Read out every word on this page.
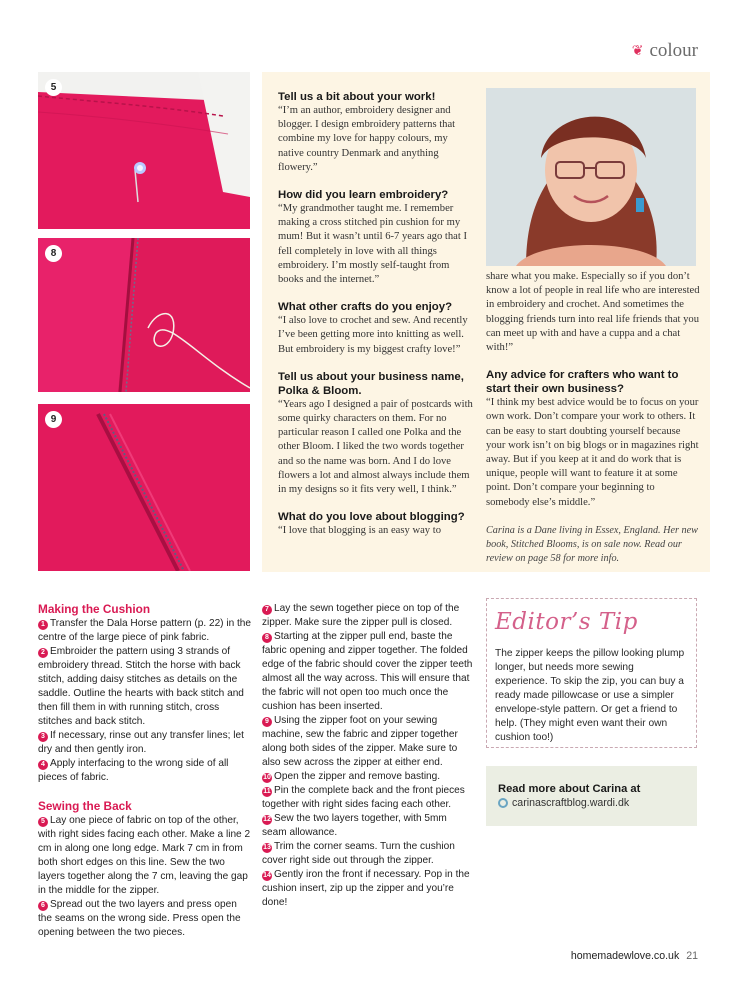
❦ colour
5
8
9
Tell us a bit about your work!
“I’m an author, embroidery designer and blogger. I design embroidery patterns that combine my love for happy colours, my native country Denmark and anything flowery.”
How did you learn embroidery?
“My grandmother taught me. I remember making a cross stitched pin cushion for my mum! But it wasn’t until 6-7 years ago that I fell completely in love with all things embroidery. I’m mostly self-taught from books and the internet.”
What other crafts do you enjoy?
“I also love to crochet and sew. And recently I’ve been getting more into knitting as well. But embroidery is my biggest crafty love!”
Tell us about your business name, Polka & Bloom.
“Years ago I designed a pair of postcards with some quirky characters on them. For no particular reason I called one Polka and the other Bloom. I liked the two words together and so the name was born. And I do love flowers a lot and almost always include them in my designs so it fits very well, I think.”
What do you love about blogging?
“I love that blogging is an easy way to
share what you make. Especially so if you don’t know a lot of people in real life who are interested in embroidery and crochet. And sometimes the blogging friends turn into real life friends that you can meet up with and have a cuppa and a chat with!”
Any advice for crafters who want to start their own business?
“I think my best advice would be to focus on your own work. Don’t compare your work to others. It can be easy to start doubting yourself because your work isn’t on big blogs or in magazines right away. But if you keep at it and do work that is unique, people will want to feature it at some point. Don’t compare your beginning to somebody else’s middle.”
Carina is a Dane living in Essex, England. Her new book, Stitched Blooms, is on sale now. Read our review on page 58 for more info.
Making the Cushion

1 Transfer the Dala Horse pattern (p. 22) in the centre of the large piece of pink fabric.

2 Embroider the pattern using 3 strands of embroidery thread. Stitch the horse with back stitch, adding daisy stitches as details on the saddle. Outline the hearts with back stitch and then fill them in with running stitch, cross stitches and back stitch.

3 If necessary, rinse out any transfer lines; let dry and then gently iron.

4 Apply interfacing to the wrong side of all pieces of fabric.

Sewing the Back

5 Lay one piece of fabric on top of the other, with right sides facing each other. Make a line 2 cm in along one long edge. Mark 7 cm in from both short edges on this line. Sew the two layers together along the 7 cm, leaving the gap in the middle for the zipper.

6 Spread out the two layers and press open the seams on the wrong side. Press open the opening between the two pieces.

7 Lay the sewn together piece on top of the zipper. Make sure the zipper pull is closed.

8 Starting at the zipper pull end, baste the fabric opening and zipper together. The folded edge of the fabric should cover the zipper teeth almost all the way across. This will ensure that the fabric will not open too much once the cushion has been inserted.

9 Using the zipper foot on your sewing machine, sew the fabric and zipper together along both sides of the zipper. Make sure to also sew across the zipper at either end.

10 Open the zipper and remove basting.

11 Pin the complete back and the front pieces together with right sides facing each other.

12 Sew the two layers together, with 5mm seam allowance.

13 Trim the corner seams. Turn the cushion cover right side out through the zipper.

14 Gently iron the front if necessary. Pop in the cushion insert, zip up the zipper and you’re done!

Editor’s Tip
The zipper keeps the pillow looking plump longer, but needs more sewing experience. To skip the zip, you can buy a ready made pillowcase or use a simpler envelope-style pattern. Or get a friend to help. (They might even want their own cushion too!)
Read more about Carina at
carinascraftblog.wardi.dk
homemadewlove.co.uk 21
